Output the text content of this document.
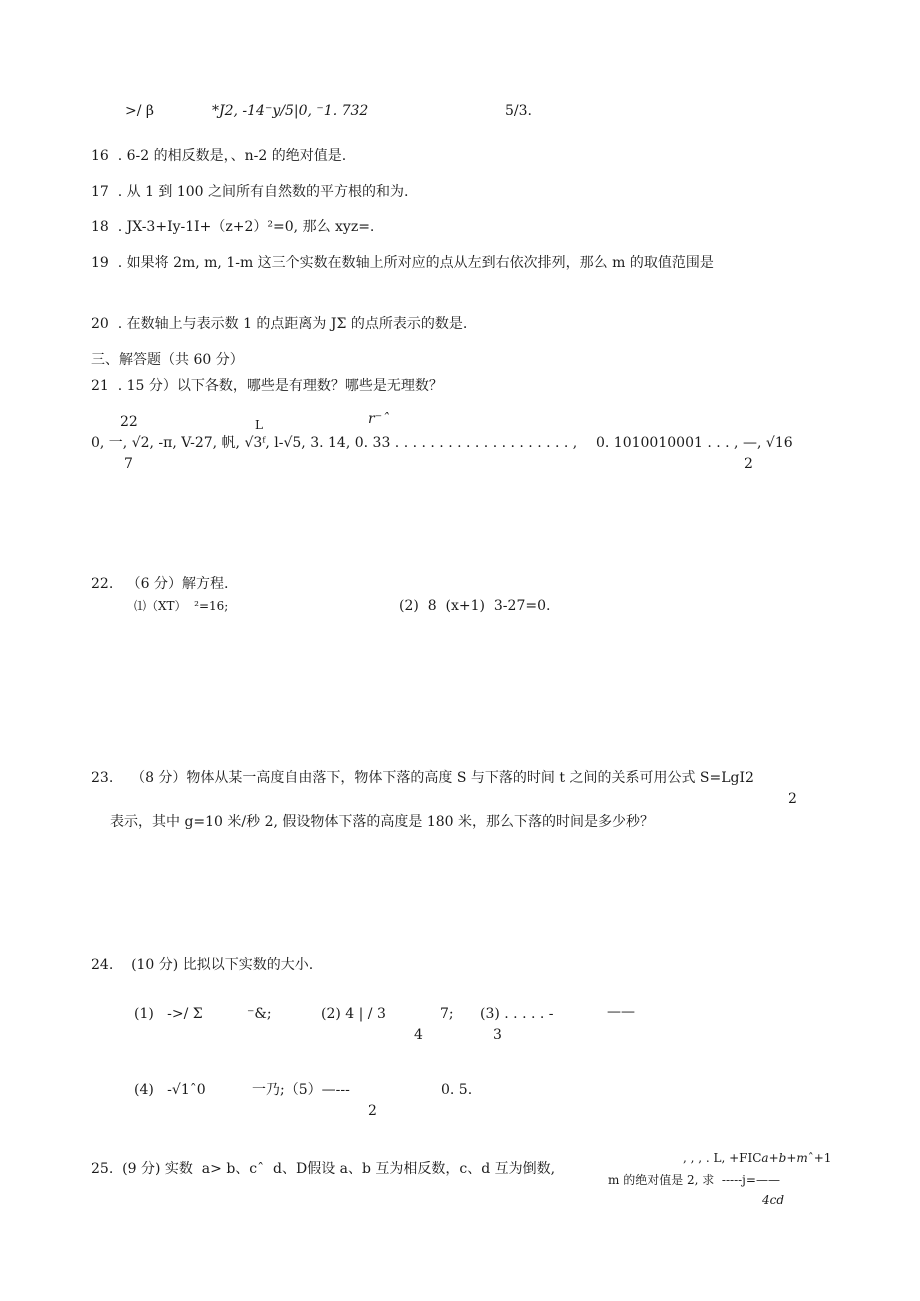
>/ β	*J2, -14⁻y/5|0, ⁻1. 732	5/3.
16  . 6-2 的相反数是，、n-2 的绝对值是.
17  . 从 1 到 100 之间所有自然数的平方根的和为.
18  . JX-3+Iy-1I+（z+2）²=0, 那么 xyz=.
19  . 如果将 2m, m, 1-m 这三个实数在数轴上所对应的点从左到右依次排列，那么 m 的取值范围是
20  . 在数轴上与表示数 1 的点距离为 JΣ 的点所表示的数是.
三、解答题（共 60 分）
21  . 15 分）以下各数，哪些是有理数？哪些是无理数？
22	L	r⁻ˆ
0, 一, √2, -π, V-27, 帆, √3ᶠ, l-√5, 3. 14, 0. 33 . . . . . . . . . . . . . . . . . . . . , 0. 1010010001 . . . , —, √16
7	2
22.   （6 分）解方程.
⑴（XT）  ²=16;	(2)  8  (x+1)  3-27=0.
23.    （8 分）物体从某一高度自由落下，物体下落的高度 S 与下落的时间 t 之间的关系可用公式 S=LgI2
2
表示，其中 g=10 米/秒 2, 假设物体下落的高度是 180 米，那么下落的时间是多少秒？
24.    (10 分) 比拟以下实数的大小.
(1)   ->/ Σ	⁻&;	(2) 4 | / 3	7; (3) . . . . . -	——
4	3
(4)   -√1ˆ0	一乃;（5）—---	0. 5.
2
25.  (9 分) 实数  a> b、cˆ  d、D假设 a、b 互为相反数，c、d 互为倒数,
, , , . L, +FICa+b+mˆ+1
m 的绝对值是 2, 求  -----j=——
4cd
